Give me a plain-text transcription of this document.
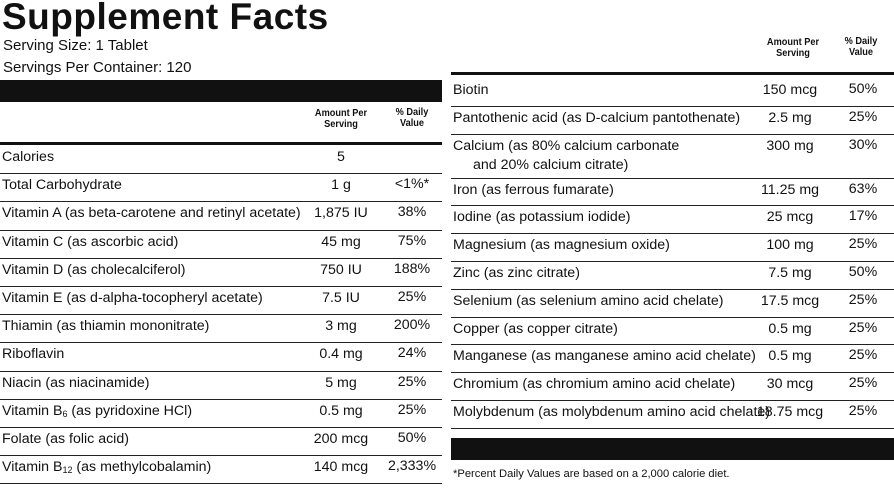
Supplement Facts
Serving Size: 1 Tablet
Servings Per Container: 120
Amount Per Serving
% Daily Value
Calories	5
Total Carbohydrate	1 g	<1%*
Vitamin A (as beta-carotene and retinyl acetate) 1,875 IU	38%
Vitamin C (as ascorbic acid)	45 mg	75%
Vitamin D (as cholecalciferol)	750 IU	188%
Vitamin E (as d-alpha-tocopheryl acetate)	7.5 IU	25%
Thiamin (as thiamin mononitrate)	3 mg	200%
Riboflavin	0.4 mg	24%
Niacin (as niacinamide)	5 mg	25%
Vitamin $B_6$ (as pyridoxine HCl)	0.5 mg	25%
Folate (as folic acid)	200 mcg	50%
Vitamin $B_{12}$ (as methylcobalamin)	140 mcg	2,333%
Amount Per Serving
% Daily Value
Biotin	150 mcg	50%
Pantothenic acid (as D-calcium pantothenate)	2.5 mg	25%
Calcium (as 80% calcium carbonate
and 20% calcium citrate)
300 mg	30%
Iron (as ferrous fumarate)	11.25 mg	63%
Iodine (as potassium iodide)	25 mcg	17%
Magnesium (as magnesium oxide)	100 mg	25%
Zinc (as zinc citrate)	7.5 mg	50%
Selenium (as selenium amino acid chelate)	17.5 mcg	25%
Copper (as copper citrate)	0.5 mg	25%
Manganese (as manganese amino acid chelate) 0.5 mg	25%
Chromium (as chromium amino acid chelate)	30 mcg	25%
Molybdenum (as molybdenum amino acid chelate)
18.75 mcg	25%
*Percent Daily Values are based on a 2,000 calorie diet.
